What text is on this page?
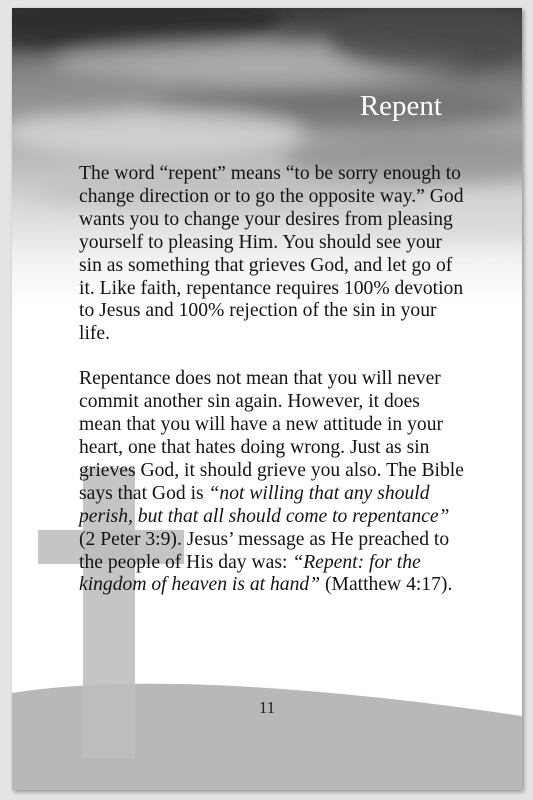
Repent

The word “repent” means “to be sorry enough to change direction or to go the opposite way.” God wants you to change your desires from pleasing yourself to pleasing Him. You should see your sin as something that grieves God, and let go of it. Like faith, repentance requires 100% devotion to Jesus and 100% rejection of the sin in your life.

Repentance does not mean that you will never commit another sin again. However, it does mean that you will have a new attitude in your heart, one that hates doing wrong. Just as sin grieves God, it should grieve you also. The Bible says that God is “not willing that any should perish, but that all should come to repentance” (2 Peter 3:9). Jesus’ message as He preached to the people of His day was: “Repent: for the kingdom of heaven is at hand” (Matthew 4:17).

11
